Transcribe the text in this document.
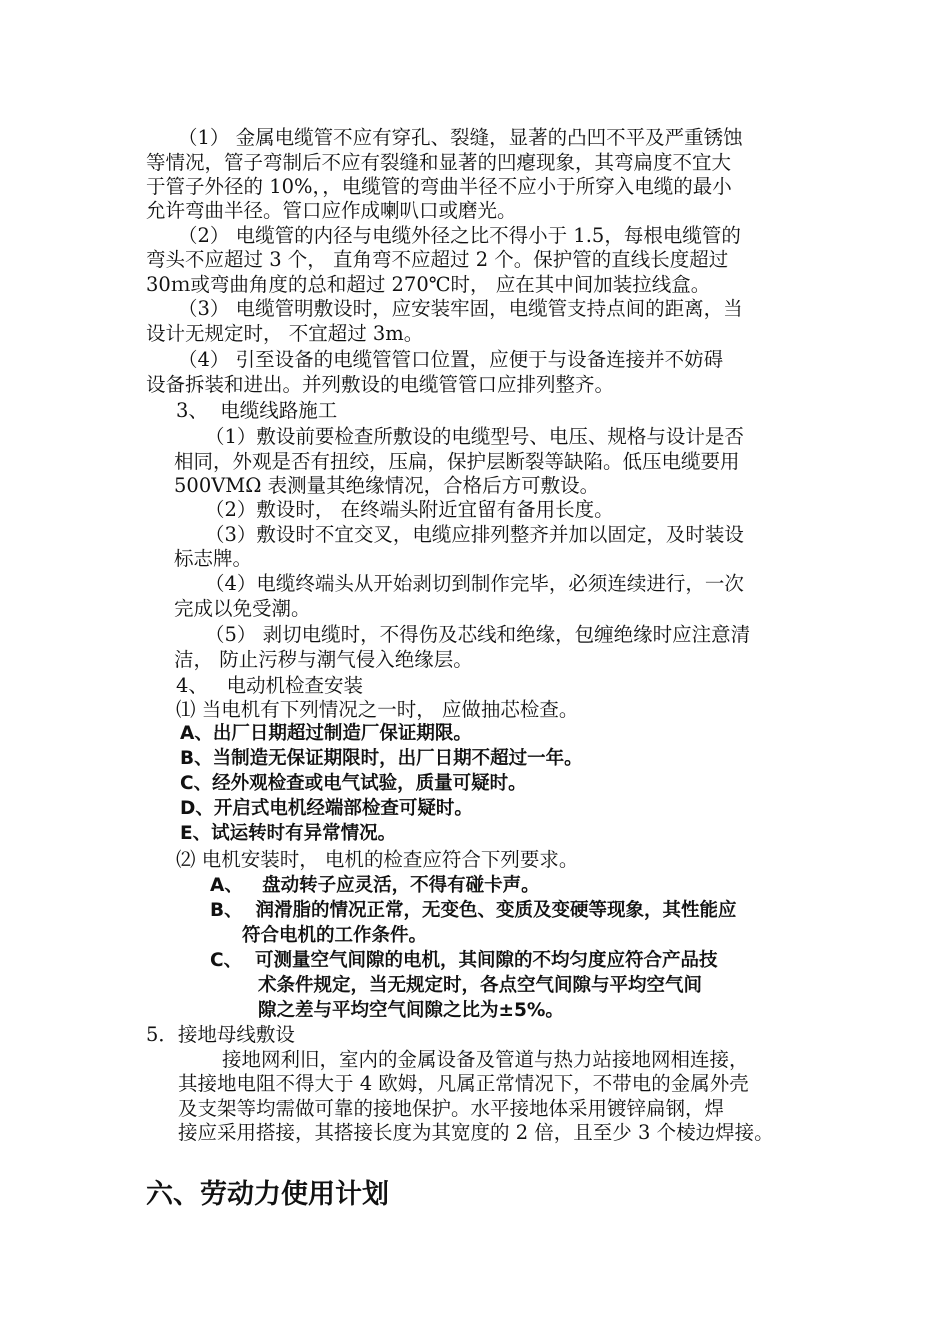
（1） 金属电缆管不应有穿孔、裂缝，显著的凸凹不平及严重锈蚀
等情况，管子弯制后不应有裂缝和显著的凹瘪现象，其弯扁度不宜大
于管子外径的 10%，，电缆管的弯曲半径不应小于所穿入电缆的最小
允许弯曲半径。管口应作成喇叭口或磨光。
（2） 电缆管的内径与电缆外径之比不得小于 1.5，每根电缆管的
弯头不应超过 3 个， 直角弯不应超过 2 个。保护管的直线长度超过
30ｍ或弯曲角度的总和超过 270℃时， 应在其中间加装拉线盒。
（3） 电缆管明敷设时，应安装牢固，电缆管支持点间的距离，当
设计无规定时， 不宜超过 3m。
（4） 引至设备的电缆管管口位置，应便于与设备连接并不妨碍
设备拆装和进出。并列敷设的电缆管管口应排列整齐。
3、  电缆线路施工
（1）敷设前要检查所敷设的电缆型号、电压、规格与设计是否
相同，外观是否有扭绞，压扁，保护层断裂等缺陷。低压电缆要用
500VMΩ 表测量其绝缘情况，合格后方可敷设。
（2）敷设时， 在终端头附近宜留有备用长度。
（3）敷设时不宜交叉，电缆应排列整齐并加以固定，及时装设
标志牌。
（4）电缆终端头从开始剥切到制作完毕，必须连续进行，一次
完成以免受潮。
（5） 剥切电缆时，不得伤及芯线和绝缘，包缠绝缘时应注意清
洁， 防止污秽与潮气侵入绝缘层。
4、   电动机检查安装
⑴ 当电机有下列情况之一时， 应做抽芯检查。
A、出厂日期超过制造厂保证期限。
B、当制造无保证期限时，出厂日期不超过一年。
C、经外观检查或电气试验，质量可疑时。
D、开启式电机经端部检查可疑时。
E、试运转时有异常情况。
⑵ 电机安装时， 电机的检查应符合下列要求。
A、   盘动转子应灵活，不得有碰卡声。
B、  润滑脂的情况正常，无变色、变质及变硬等现象，其性能应
符合电机的工作条件。
C、  可测量空气间隙的电机，其间隙的不均匀度应符合产品技
术条件规定，当无规定时，各点空气间隙与平均空气间
隙之差与平均空气间隙之比为±5%。
5．接地母线敷设
接地网利旧，室内的金属设备及管道与热力站接地网相连接，
其接地电阻不得大于 4 欧姆，凡属正常情况下，不带电的金属外壳
及支架等均需做可靠的接地保护。水平接地体采用镀锌扁钢，焊
接应采用搭接，其搭接长度为其宽度的 2 倍，且至少 3 个棱边焊接。
六、劳动力使用计划
